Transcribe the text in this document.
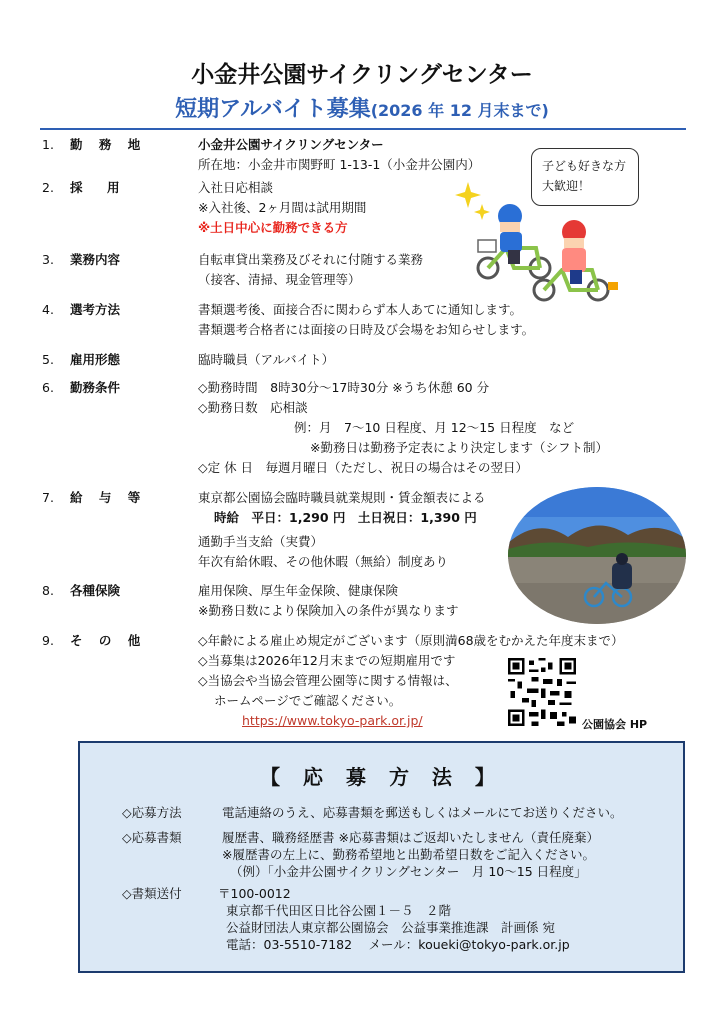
小金井公園サイクリングセンター
短期アルバイト募集(2026 年 12 月末まで)
1.	勤 務 地	小金井公園サイクリングセンター
所在地：小金井市関野町 1-13-1（小金井公園内）
2.	採　用	入社日応相談
※入社後、2ヶ月間は試用期間
※土日中心に勤務できる方
3.	業務内容	自転車貸出業務及びそれに付随する業務
（接客、清掃、現金管理等）
4.	選考方法	書類選考後、面接合否に関わらず本人あてに通知します。
書類選考合格者には面接の日時及び会場をお知らせします。
5.	雇用形態	臨時職員（アルバイト）
6.	勤務条件	◇勤務時間　8時30分～17時30分 ※うち休憩 60 分
◇勤務日数　応相談
例：月　7～10 日程度、月 12～15 日程度　など
※勤務日は勤務予定表により決定します（シフト制）
◇定 休 日　毎週月曜日（ただし、祝日の場合はその翌日）
7.	給 与 等	東京都公園協会臨時職員就業規則・賃金額表による
時給　平日：1,290 円　土日祝日：1,390 円
通勤手当支給（実費）
年次有給休暇、その他休暇（無給）制度あり
8.	各種保険	雇用保険、厚生年金保険、健康保険
※勤務日数により保険加入の条件が異なります
9.	そ の 他	◇年齢による雇止め規定がございます（原則満68歳をむかえた年度末まで）
◇当募集は2026年12月末までの短期雇用です
◇当協会や当協会管理公園等に関する情報は、
ホームページでご確認ください。
https://www.tokyo-park.or.jp/
子ども好きな方
大歓迎！
公園協会 HP
【 応 募 方 法 】
◇応募方法	電話連絡のうえ、応募書類を郵送もしくはメールにてお送りください。
◇応募書類	履歴書、職務経歴書 ※応募書類はご返却いたしません（責任廃棄）
※履歴書の左上に、勤務希望地と出勤希望日数をご記入ください。
（例）「小金井公園サイクリングセンター　月 10～15 日程度」
◇書類送付	〒100-0012
東京都千代田区日比谷公園１－５　２階
公益財団法人東京都公園協会　公益事業推進課　計画係 宛
電話：03-5510-7182　 メール：koueki@tokyo-park.or.jp
